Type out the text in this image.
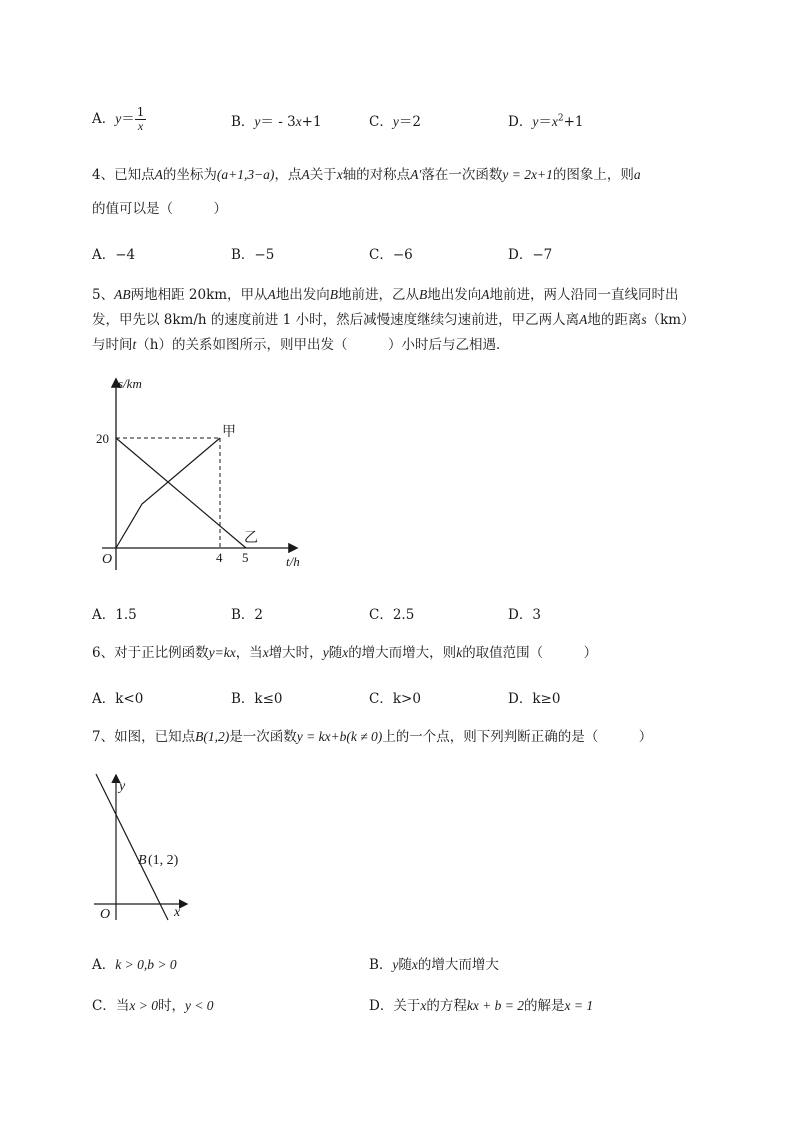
A．$y= \frac{1}{x}$	B．y＝ - 3x+1	C．y＝2	D．$y=x^2+1$
4、已知点A的坐标为(a+1,3−a)，点A关于x轴的对称点A′落在一次函数y = 2x+1的图象上，则a
的值可以是（　　　）
A．−4	B．−5	C．−6	D．−7
5、AB两地相距 20km，甲从A地出发向B地前进，乙从B地出发向A地前进，两人沿同一直线同时出
发，甲先以 8km/h 的速度前进 1 小时，然后减慢速度继续匀速前进，甲乙两人离A地的距离s（km）
与时间t（h）的关系如图所示，则甲出发（　　　）小时后与乙相遇．
s/km
t/h
20
4 5
O
甲
乙
A．1.5	B．2	C．2.5	D．3
6、对于正比例函数y=kx，当x增大时，y随x的增大而增大，则k的取值范围（　　　）
A．k<0	B．k≤0	C．k>0	D．k≥0
7、如图，已知点B(1,2)是一次函数y = kx+b(k ≠ 0)上的一个点，则下列判断正确的是（　　　）
y
x
O
B (1, 2)
A．k > 0,b > 0	B．y随x的增大而增大
C．当x > 0时，y < 0	D．关于x的方程kx + b = 2的解是x = 1
